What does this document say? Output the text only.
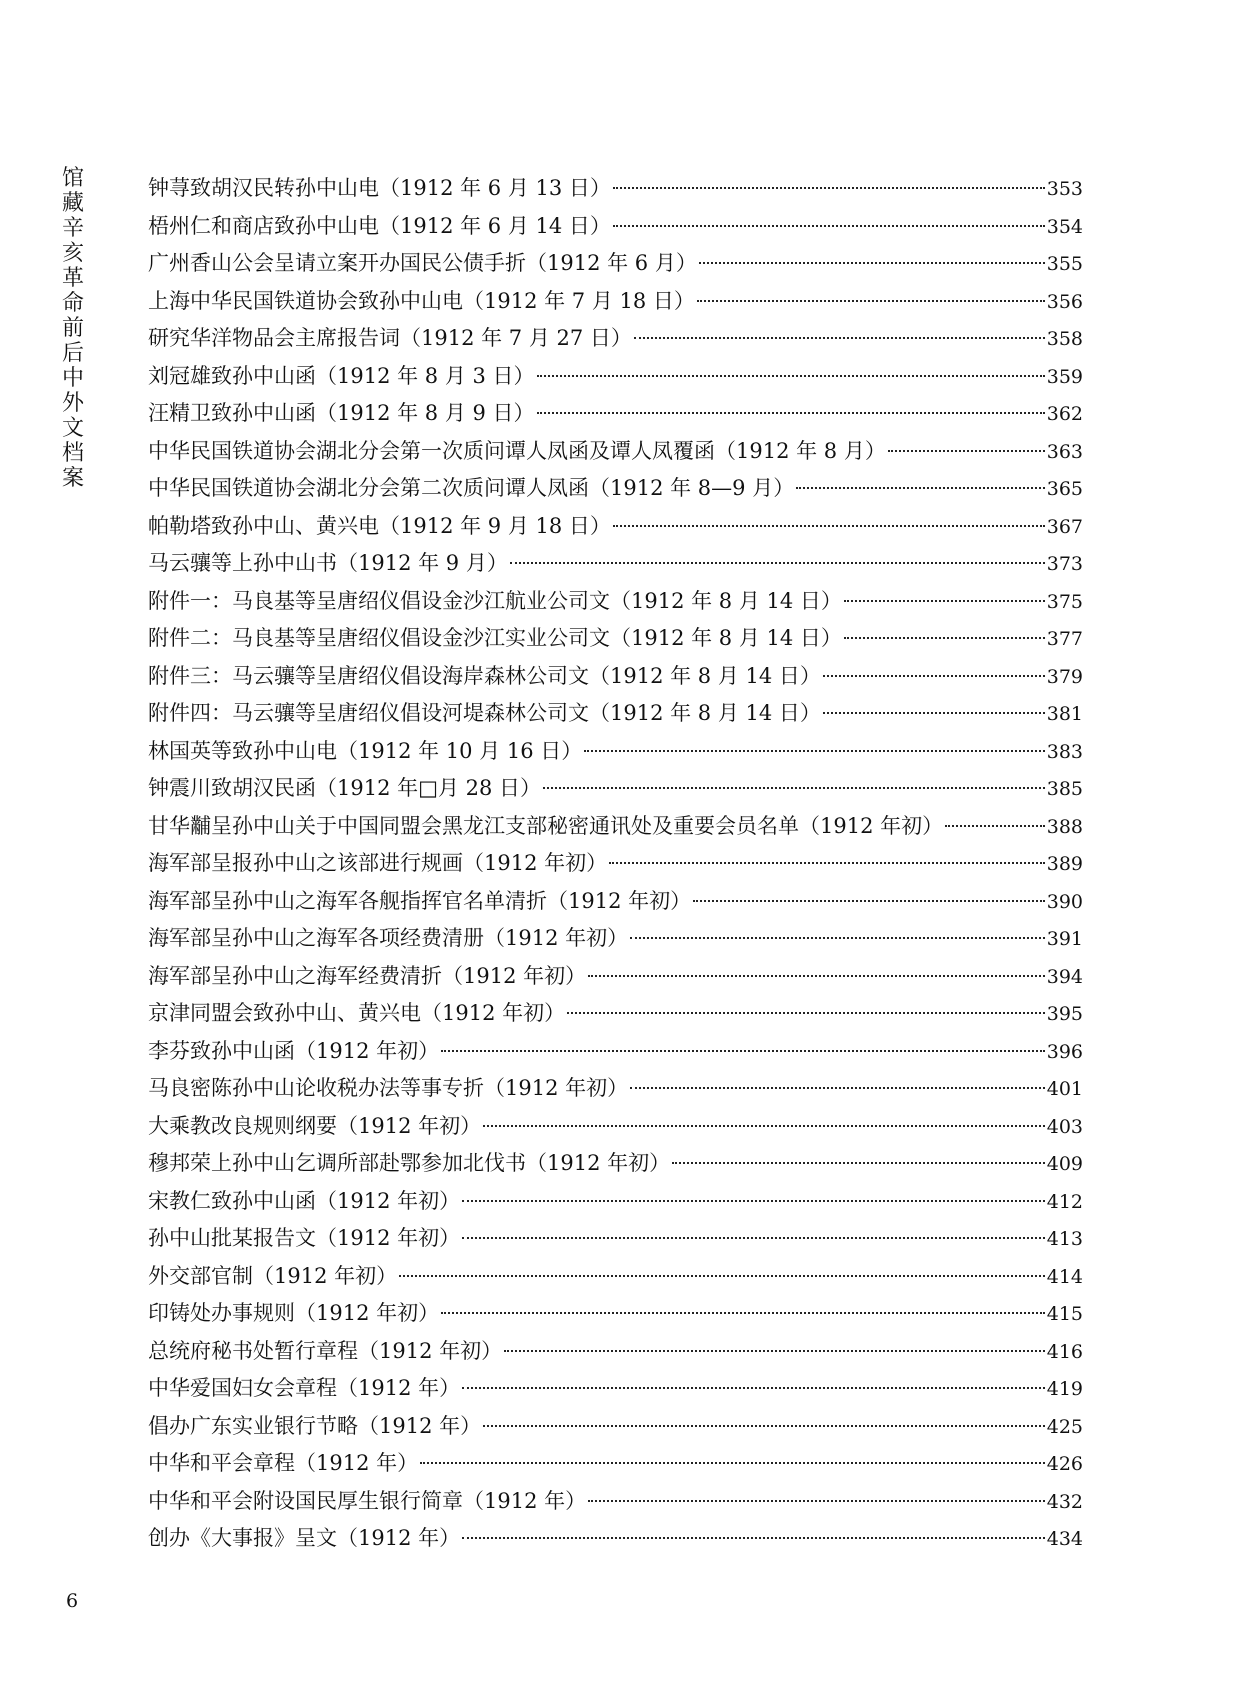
馆藏辛亥革命前后中外文档案
钟荨致胡汉民转孙中山电（1912 年 6 月 13 日）	353
梧州仁和商店致孙中山电（1912 年 6 月 14 日）	354
广州香山公会呈请立案开办国民公债手折（1912 年 6 月）	355
上海中华民国铁道协会致孙中山电（1912 年 7 月 18 日）	356
研究华洋物品会主席报告词（1912 年 7 月 27 日）	358
刘冠雄致孙中山函（1912 年 8 月 3 日）	359
汪精卫致孙中山函（1912 年 8 月 9 日）	362
中华民国铁道协会湖北分会第一次质问谭人凤函及谭人凤覆函（1912 年 8 月）	363
中华民国铁道协会湖北分会第二次质问谭人凤函（1912 年 8—9 月）	365
帕勒塔致孙中山、黄兴电（1912 年 9 月 18 日）	367
马云骧等上孙中山书（1912 年 9 月）	373
附件一：马良基等呈唐绍仪倡设金沙江航业公司文（1912 年 8 月 14 日）	375
附件二：马良基等呈唐绍仪倡设金沙江实业公司文（1912 年 8 月 14 日）	377
附件三：马云骧等呈唐绍仪倡设海岸森林公司文（1912 年 8 月 14 日）	379
附件四：马云骧等呈唐绍仪倡设河堤森林公司文（1912 年 8 月 14 日）	381
林国英等致孙中山电（1912 年 10 月 16 日）	383
钟震川致胡汉民函（1912 年□月 28 日）	385
甘华黼呈孙中山关于中国同盟会黑龙江支部秘密通讯处及重要会员名单（1912 年初）	388
海军部呈报孙中山之该部进行规画（1912 年初）	389
海军部呈孙中山之海军各舰指挥官名单清折（1912 年初）	390
海军部呈孙中山之海军各项经费清册（1912 年初）	391
海军部呈孙中山之海军经费清折（1912 年初）	394
京津同盟会致孙中山、黄兴电（1912 年初）	395
李芬致孙中山函（1912 年初）	396
马良密陈孙中山论收税办法等事专折（1912 年初）	401
大乘教改良规则纲要（1912 年初）	403
穆邦荣上孙中山乞调所部赴鄂参加北伐书（1912 年初）	409
宋教仁致孙中山函（1912 年初）	412
孙中山批某报告文（1912 年初）	413
外交部官制（1912 年初）	414
印铸处办事规则（1912 年初）	415
总统府秘书处暂行章程（1912 年初）	416
中华爱国妇女会章程（1912 年）	419
倡办广东实业银行节略（1912 年）	425
中华和平会章程（1912 年）	426
中华和平会附设国民厚生银行简章（1912 年）	432
创办《大事报》呈文（1912 年）	434
6
